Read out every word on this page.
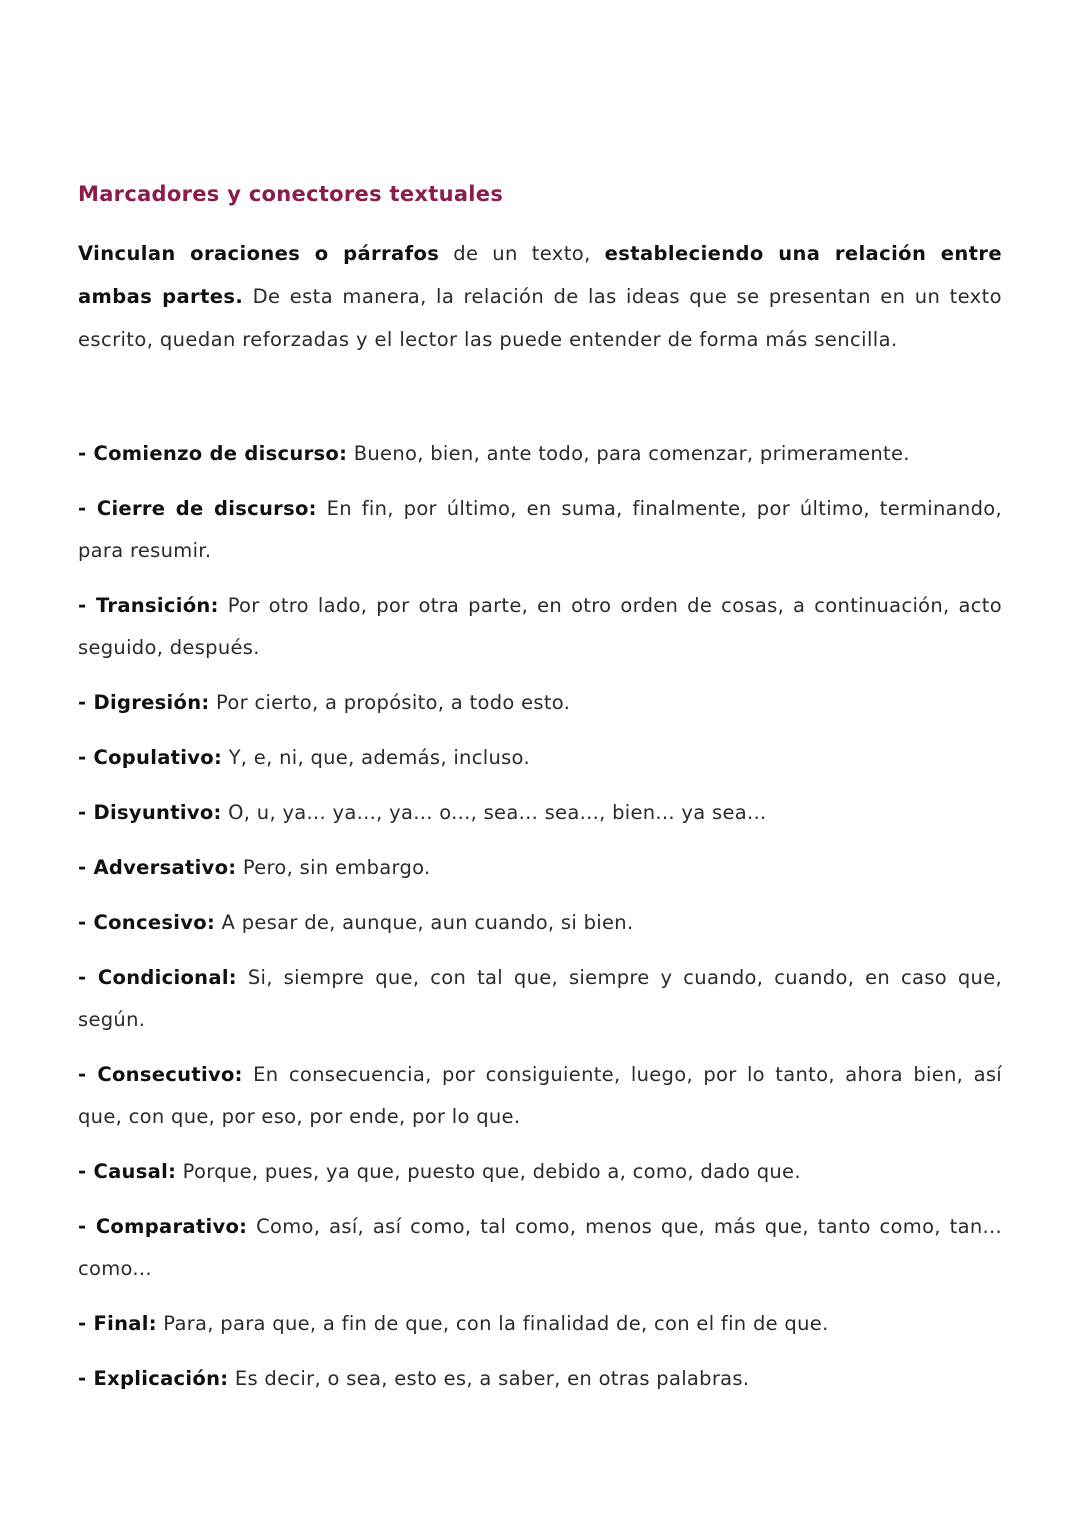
Marcadores y conectores textuales

Vinculan oraciones o párrafos de un texto, estableciendo una relación entre ambas partes. De esta manera, la relación de las ideas que se presentan en un texto escrito, quedan reforzadas y el lector las puede entender de forma más sencilla.

- Comienzo de discurso: Bueno, bien, ante todo, para comenzar, primeramente.

- Cierre de discurso: En fin, por último, en suma, finalmente, por último, terminando, para resumir.

- Transición: Por otro lado, por otra parte, en otro orden de cosas, a continuación, acto seguido, después.

- Digresión: Por cierto, a propósito, a todo esto.

- Copulativo: Y, e, ni, que, además, incluso.

- Disyuntivo: O, u, ya... ya..., ya... o..., sea... sea..., bien... ya sea...

- Adversativo: Pero, sin embargo.

- Concesivo: A pesar de, aunque, aun cuando, si bien.

- Condicional: Si, siempre que, con tal que, siempre y cuando, cuando, en caso que, según.

- Consecutivo: En consecuencia, por consiguiente, luego, por lo tanto, ahora bien, así que, con que, por eso, por ende, por lo que.

- Causal: Porque, pues, ya que, puesto que, debido a, como, dado que.

- Comparativo: Como, así, así como, tal como, menos que, más que, tanto como, tan... como...

- Final: Para, para que, a fin de que, con la finalidad de, con el fin de que.

- Explicación: Es decir, o sea, esto es, a saber, en otras palabras.
